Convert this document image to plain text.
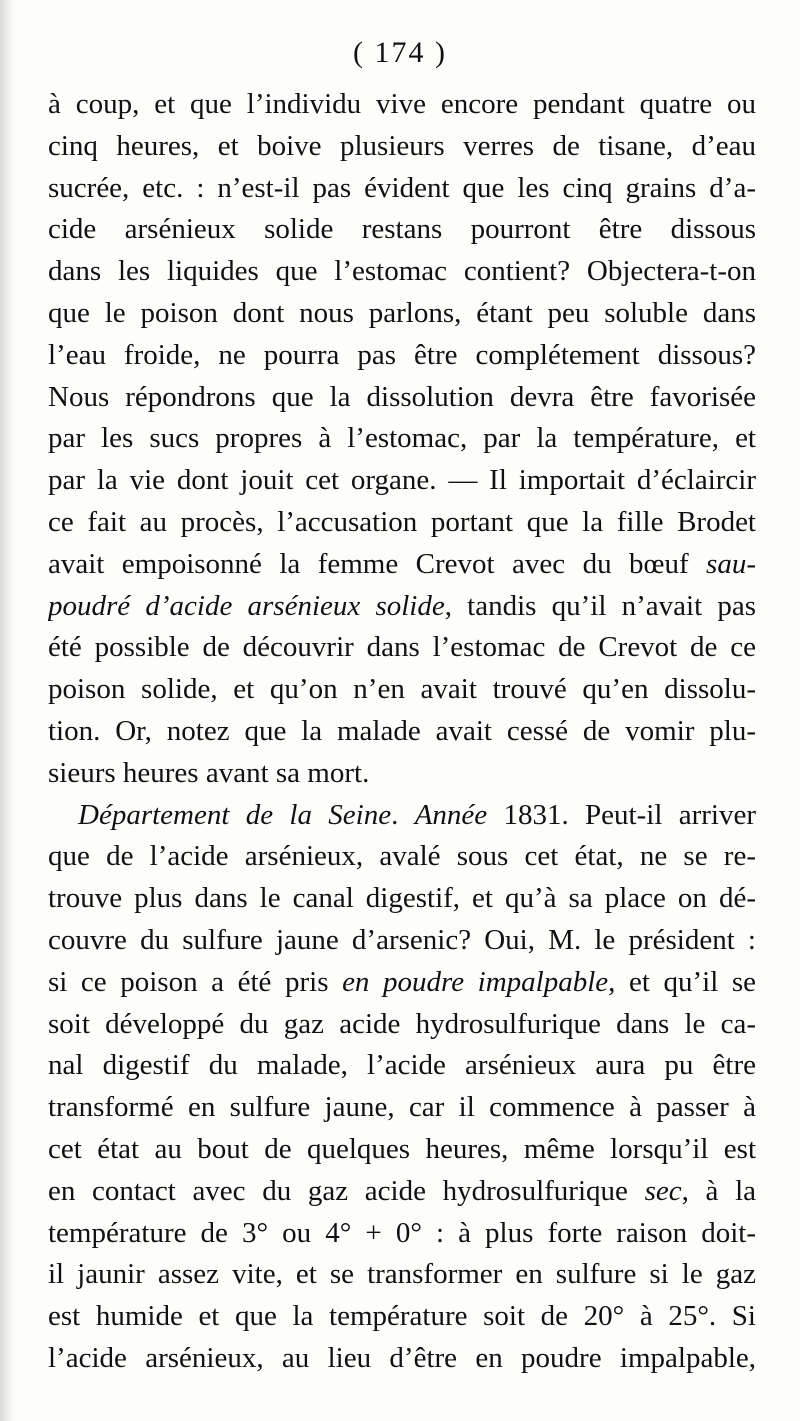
( 174 )
à coup, et que l’individu vive encore pendant quatre ou
cinq heures, et boive plusieurs verres de tisane, d’eau
sucrée, etc. : n’est-il pas évident que les cinq grains d’a-
cide arsénieux solide restans pourront être dissous
dans les liquides que l’estomac contient? Objectera-t-on
que le poison dont nous parlons, étant peu soluble dans
l’eau froide, ne pourra pas être complétement dissous?
Nous répondrons que la dissolution devra être favorisée
par les sucs propres à l’estomac, par la température, et
par la vie dont jouit cet organe. — Il importait d’éclaircir
ce fait au procès, l’accusation portant que la fille Brodet
avait empoisonné la femme Crevot avec du bœuf sau-
poudré d’acide arsénieux solide, tandis qu’il n’avait pas
été possible de découvrir dans l’estomac de Crevot de ce
poison solide, et qu’on n’en avait trouvé qu’en dissolu-
tion. Or, notez que la malade avait cessé de vomir plu-
sieurs heures avant sa mort.
Département de la Seine. Année 1831. Peut-il arriver
que de l’acide arsénieux, avalé sous cet état, ne se re-
trouve plus dans le canal digestif, et qu’à sa place on dé-
couvre du sulfure jaune d’arsenic? Oui, M. le président :
si ce poison a été pris en poudre impalpable, et qu’il se
soit développé du gaz acide hydrosulfurique dans le ca-
nal digestif du malade, l’acide arsénieux aura pu être
transformé en sulfure jaune, car il commence à passer à
cet état au bout de quelques heures, même lorsqu’il est
en contact avec du gaz acide hydrosulfurique sec, à la
température de 3° ou 4° + 0° : à plus forte raison doit-
il jaunir assez vite, et se transformer en sulfure si le gaz
est humide et que la température soit de 20° à 25°. Si
l’acide arsénieux, au lieu d’être en poudre impalpable,
